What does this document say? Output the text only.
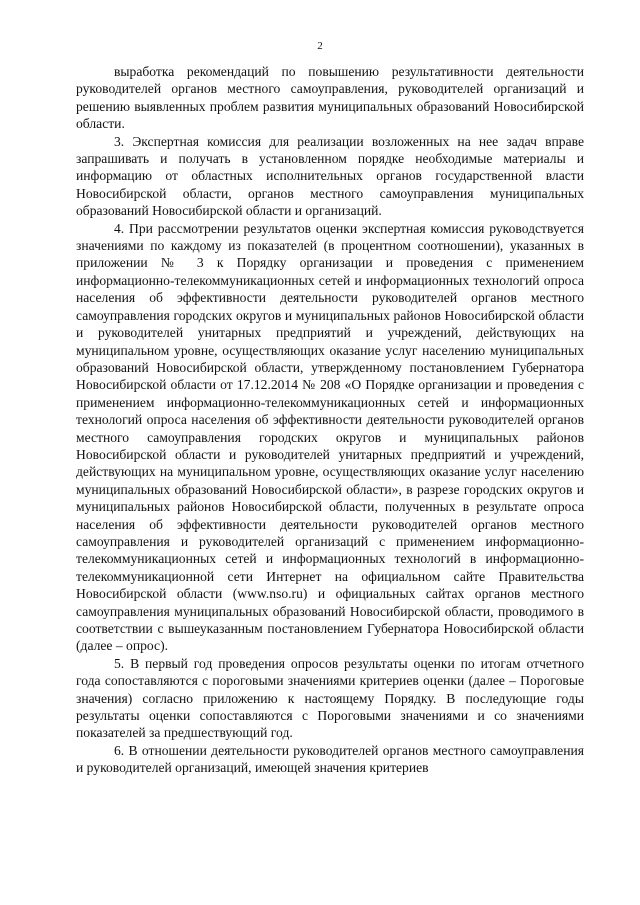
2

выработка рекомендаций по повышению результативности деятельности руководителей органов местного самоуправления, руководителей организаций и решению выявленных проблем развития муниципальных образований Новосибирской области.

3. Экспертная комиссия для реализации возложенных на нее задач вправе запрашивать и получать в установленном порядке необходимые материалы и информацию от областных исполнительных органов государственной власти Новосибирской области, органов местного самоуправления муниципальных образований Новосибирской области и организаций.

4. При рассмотрении результатов оценки экспертная комиссия руководствуется значениями по каждому из показателей (в процентном соотношении), указанных в приложении № 3 к Порядку организации и проведения с применением информационно-телекоммуникационных сетей и информационных технологий опроса населения об эффективности деятельности руководителей органов местного самоуправления городских округов и муниципальных районов Новосибирской области и руководителей унитарных предприятий и учреждений, действующих на муниципальном уровне, осуществляющих оказание услуг населению муниципальных образований Новосибирской области, утвержденному постановлением Губернатора Новосибирской области от 17.12.2014 № 208 «О Порядке организации и проведения с применением информационно-телекоммуникационных сетей и информационных технологий опроса населения об эффективности деятельности руководителей органов местного самоуправления городских округов и муниципальных районов Новосибирской области и руководителей унитарных предприятий и учреждений, действующих на муниципальном уровне, осуществляющих оказание услуг населению муниципальных образований Новосибирской области», в разрезе городских округов и муниципальных районов Новосибирской области, полученных в результате опроса населения об эффективности деятельности руководителей органов местного самоуправления и руководителей организаций с применением информационно-телекоммуникационных сетей и информационных технологий в информационно-телекоммуникационной сети Интернет на официальном сайте Правительства Новосибирской области (www.nso.ru) и официальных сайтах органов местного самоуправления муниципальных образований Новосибирской области, проводимого в соответствии с вышеуказанным постановлением Губернатора Новосибирской области (далее – опрос).

5. В первый год проведения опросов результаты оценки по итогам отчетного года сопоставляются с пороговыми значениями критериев оценки (далее – Пороговые значения) согласно приложению к настоящему Порядку. В последующие годы результаты оценки сопоставляются с Пороговыми значениями и со значениями показателей за предшествующий год.

6. В отношении деятельности руководителей органов местного самоуправления и руководителей организаций, имеющей значения критериев
